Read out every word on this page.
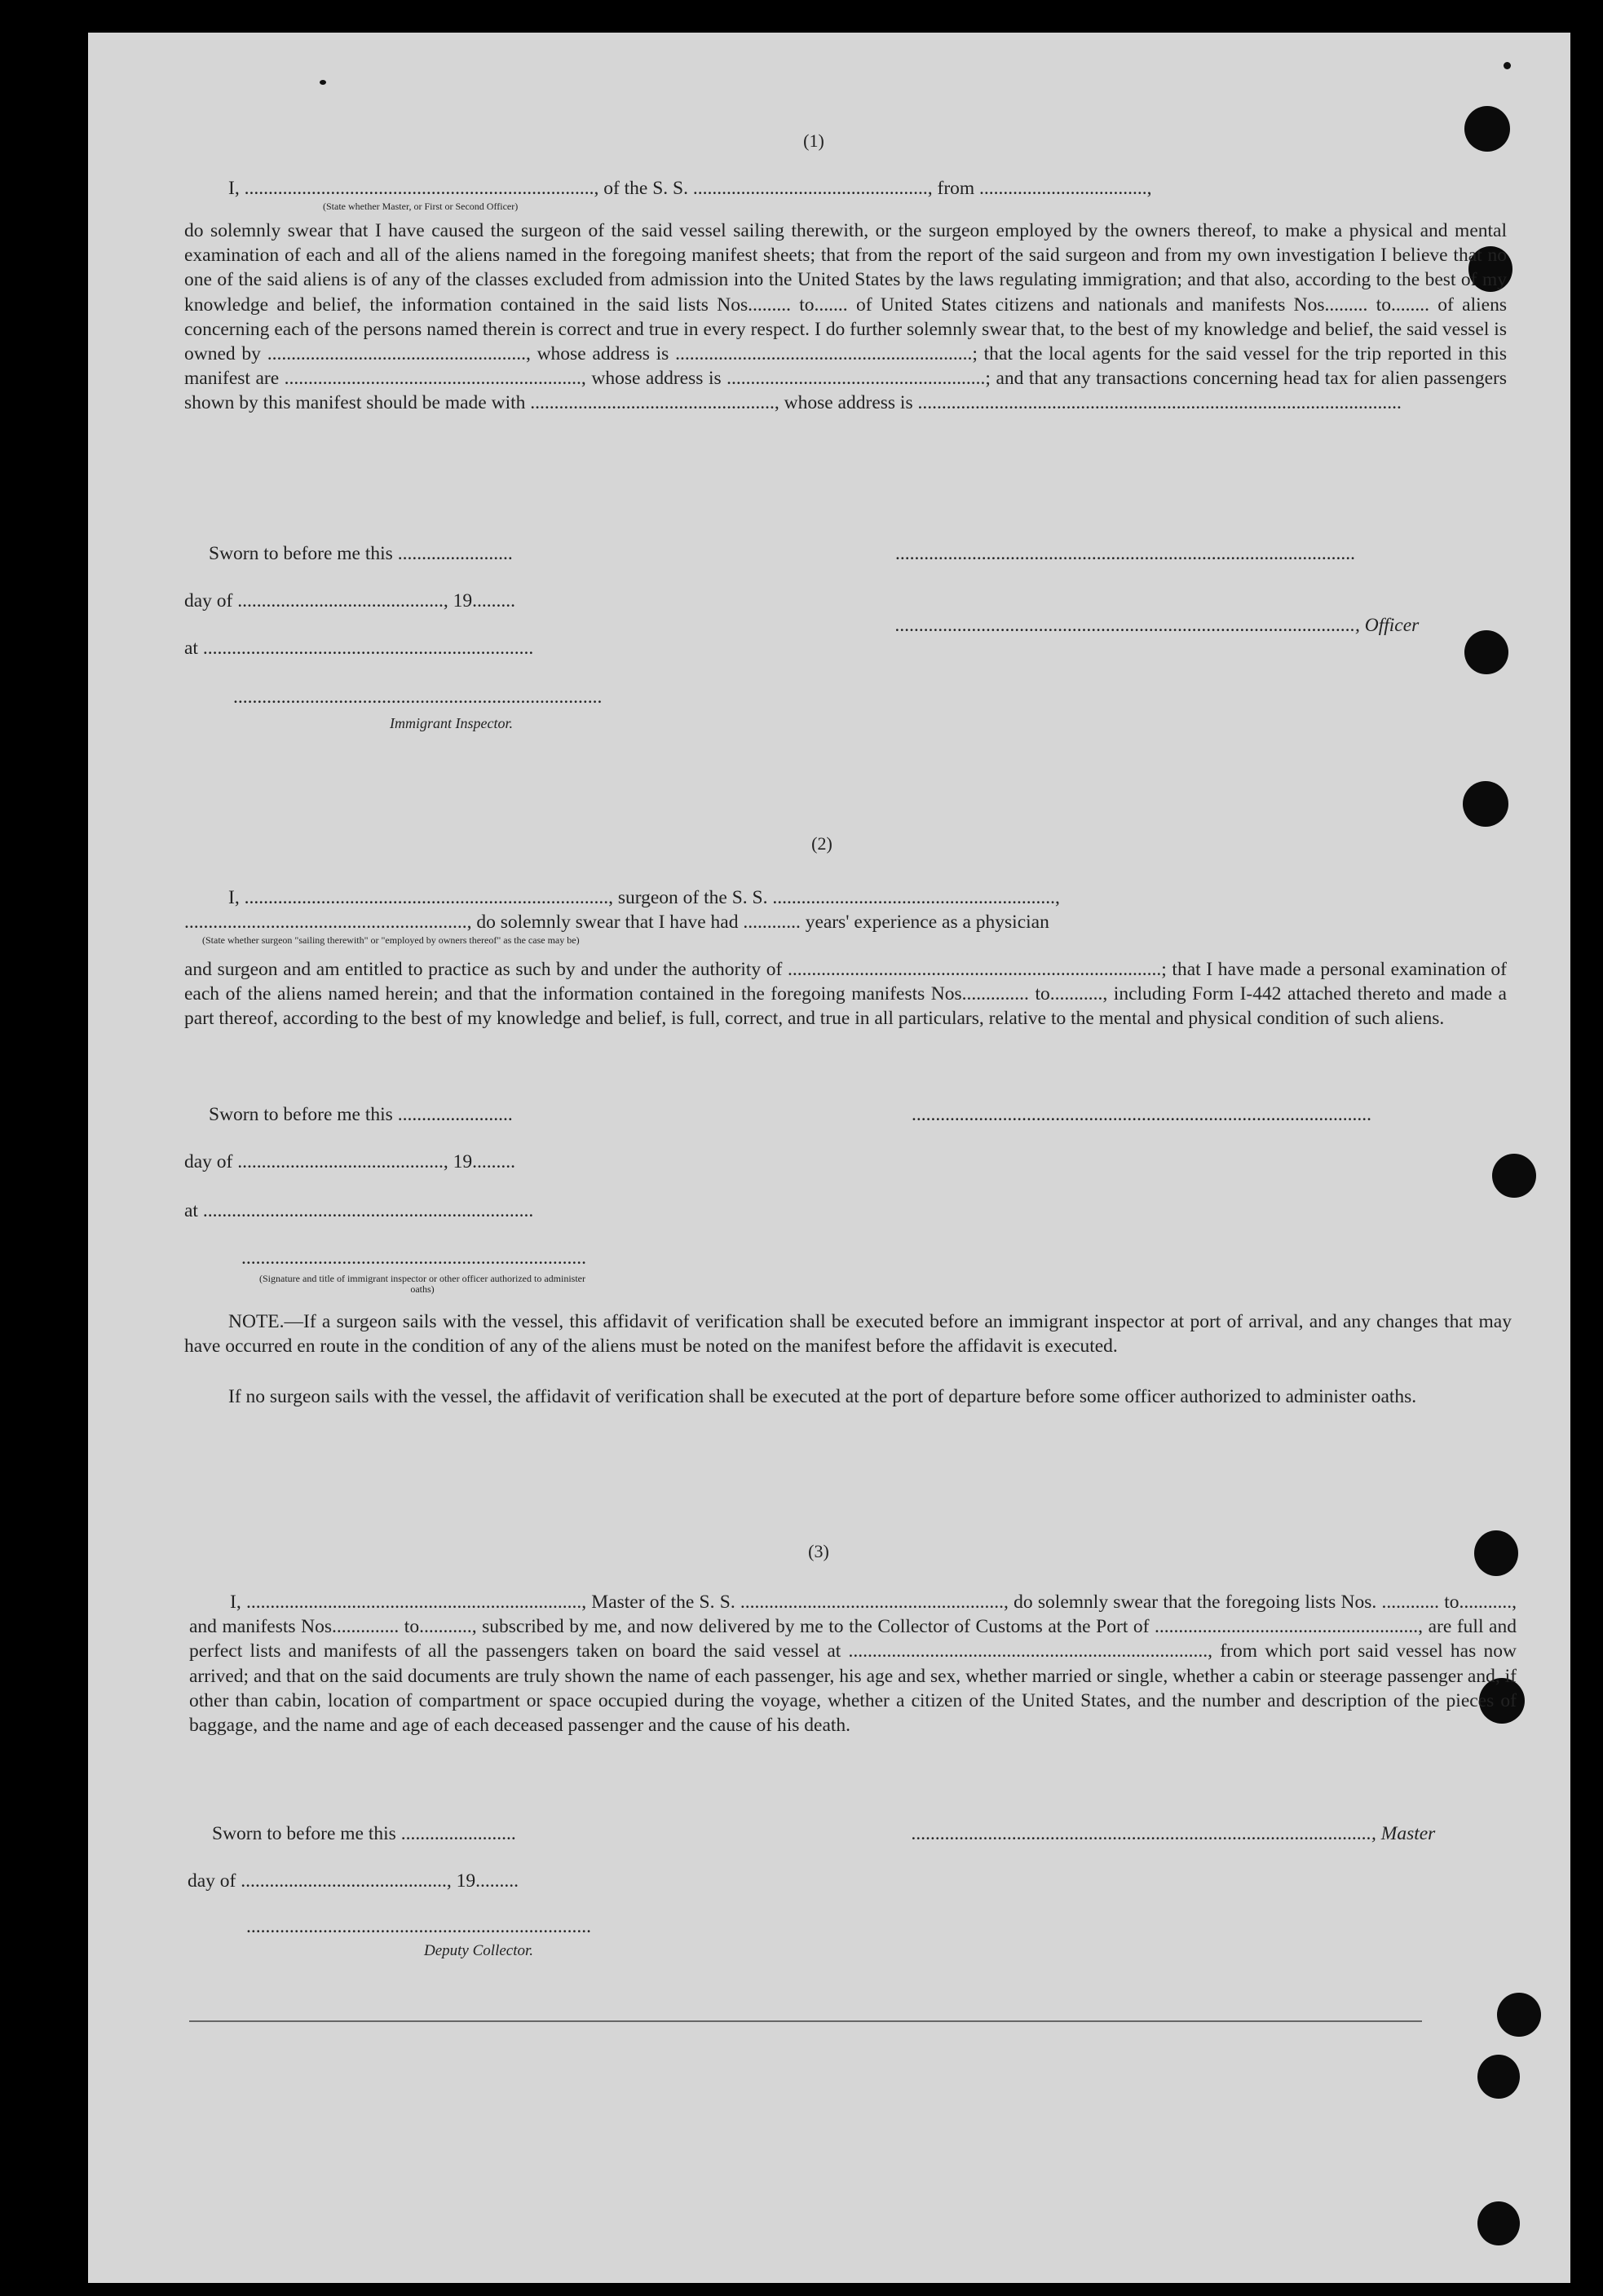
(1)
I, ........................................................................., of the S. S. ................................................., from ...................................,
(State whether Master, or First or Second Officer)
do solemnly swear that I have caused the surgeon of the said vessel sailing therewith, or the surgeon employed by the owners thereof, to make a physical and mental examination of each and all of the aliens named in the foregoing manifest sheets; that from the report of the said surgeon and from my own investigation I believe that no one of the said aliens is of any of the classes excluded from admission into the United States by the laws regulating immigration; and that also, according to the best of my knowledge and belief, the information contained in the said lists Nos......... to....... of United States citizens and nationals and manifests Nos......... to........ of aliens concerning each of the persons named therein is correct and true in every respect. I do further solemnly swear that, to the best of my knowledge and belief, the said vessel is owned by ......................................................, whose address is ..............................................................; that the local agents for the said vessel for the trip reported in this manifest are .............................................................., whose address is ......................................................; and that any transactions concerning head tax for alien passengers shown by this manifest should be made with ..................................................., whose address is .....................................................................................................
Sworn to before me this ........................	................................................................................................
day of ..........................................., 19.........
................................................................................................, Officer
at .....................................................................
.............................................................................
Immigrant Inspector.
(2)
I, ............................................................................, surgeon of the S. S. ...........................................................,
..........................................................., do solemnly swear that I have had ............ years' experience as a physician
(State whether surgeon "sailing therewith" or "employed by owners thereof" as the case may be)
and surgeon and am entitled to practice as such by and under the authority of ..............................................................................; that I have made a personal examination of each of the aliens named herein; and that the information contained in the foregoing manifests Nos.............. to..........., including Form I-442 attached thereto and made a part thereof, according to the best of my knowledge and belief, is full, correct, and true in all particulars, relative to the mental and physical condition of such aliens.
Sworn to before me this ........................	................................................................................................
day of ..........................................., 19.........
at .....................................................................
........................................................................
(Signature and title of immigrant inspector or other officer authorized to administer oaths)
NOTE.—If a surgeon sails with the vessel, this affidavit of verification shall be executed before an immigrant inspector at port of arrival, and any changes that may have occurred en route in the condition of any of the aliens must be noted on the manifest before the affidavit is executed.
If no surgeon sails with the vessel, the affidavit of verification shall be executed at the port of departure before some officer authorized to administer oaths.
(3)
I, ......................................................................, Master of the S. S. ......................................................., do solemnly swear that the foregoing lists Nos. ............ to..........., and manifests Nos.............. to..........., subscribed by me, and now delivered by me to the Collector of Customs at the Port of ......................................................., are full and perfect lists and manifests of all the passengers taken on board the said vessel at ..........................................................................., from which port said vessel has now arrived; and that on the said documents are truly shown the name of each passenger, his age and sex, whether married or single, whether a cabin or steerage passenger and, if other than cabin, location of compartment or space occupied during the voyage, whether a citizen of the United States, and the number and description of the pieces of baggage, and the name and age of each deceased passenger and the cause of his death.
Sworn to before me this ........................	................................................................................................, Master
day of ..........................................., 19.........
........................................................................
Deputy Collector.
